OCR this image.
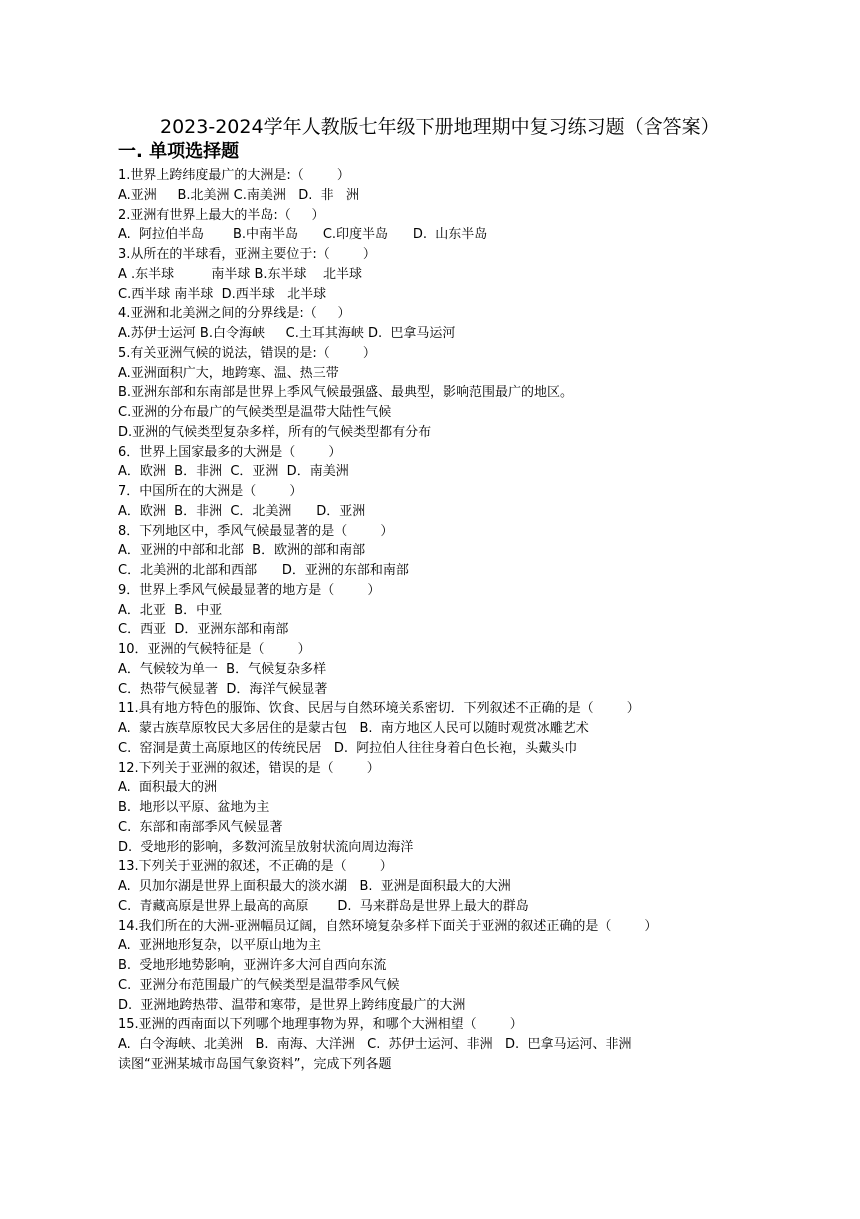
2023-2024学年人教版七年级下册地理期中复习练习题（含答案）
一. 单项选择题
1.世界上跨纬度最广的大洲是:（        ）
A.亚洲     B.北美洲 C.南美洲   D.  非   洲
2.亚洲有世界上最大的半岛:（     ）
A.  阿拉伯半岛       B.中南半岛      C.印度半岛      D.  山东半岛
3.从所在的半球看，亚洲主要位于:（        ）
A .东半球         南半球 B.东半球    北半球
C.西半球 南半球  D.西半球   北半球
4.亚洲和北美洲之间的分界线是:（     ）
A.苏伊士运河 B.白令海峡     C.土耳其海峡 D.  巴拿马运河
5.有关亚洲气候的说法，错误的是:（        ）
A.亚洲面积广大，地跨寒、温、热三带
B.亚洲东部和东南部是世界上季风气候最强盛、最典型，影响范围最广的地区。
C.亚洲的分布最广的气候类型是温带大陆性气候
D.亚洲的气候类型复杂多样，所有的气候类型都有分布
6．世界上国家最多的大洲是（        ）
A．欧洲  B．非洲  C．亚洲  D．南美洲
7．中国所在的大洲是（        ）
A．欧洲  B．非洲  C．北美洲      D．亚洲
8．下列地区中，季风气候最显著的是（        ）
A．亚洲的中部和北部  B．欧洲的部和南部
C．北美洲的北部和西部      D．亚洲的东部和南部
9．世界上季风气候最显著的地方是（        ）
A．北亚  B．中亚
C．西亚  D．亚洲东部和南部
10．亚洲的气候特征是（        ）
A．气候较为单一  B．气候复杂多样
C．热带气候显著  D．海洋气候显著
11.具有地方特色的服饰、饮食、民居与自然环境关系密切．下列叙述不正确的是（        ）
A.  蒙古族草原牧民大多居住的是蒙古包   B.  南方地区人民可以随时观赏冰雕艺术
C.  窑洞是黄土高原地区的传统民居   D.  阿拉伯人往往身着白色长袍，头戴头巾
12.下列关于亚洲的叙述，错误的是（        ）
A.  面积最大的洲
B.  地形以平原、盆地为主
C.  东部和南部季风气候显著
D.  受地形的影响，多数河流呈放射状流向周边海洋
13.下列关于亚洲的叙述，不正确的是（        ）
A.  贝加尔湖是世界上面积最大的淡水湖   B.  亚洲是面积最大的大洲
C.  青藏高原是世界上最高的高原       D.  马来群岛是世界上最大的群岛
14.我们所在的大洲-亚洲幅员辽阔，自然环境复杂多样下面关于亚洲的叙述正确的是（        ）
A.  亚洲地形复杂，以平原山地为主
B.  受地形地势影响，亚洲许多大河自西向东流
C.  亚洲分布范围最广的气候类型是温带季风气候
D.  亚洲地跨热带、温带和寒带，是世界上跨纬度最广的大洲
15.亚洲的西南面以下列哪个地理事物为界，和哪个大洲相望（        ）
A.  白令海峡、北美洲   B.  南海、大洋洲   C.  苏伊士运河、非洲   D.  巴拿马运河、非洲
读图“亚洲某城市岛国气象资料”，完成下列各题
